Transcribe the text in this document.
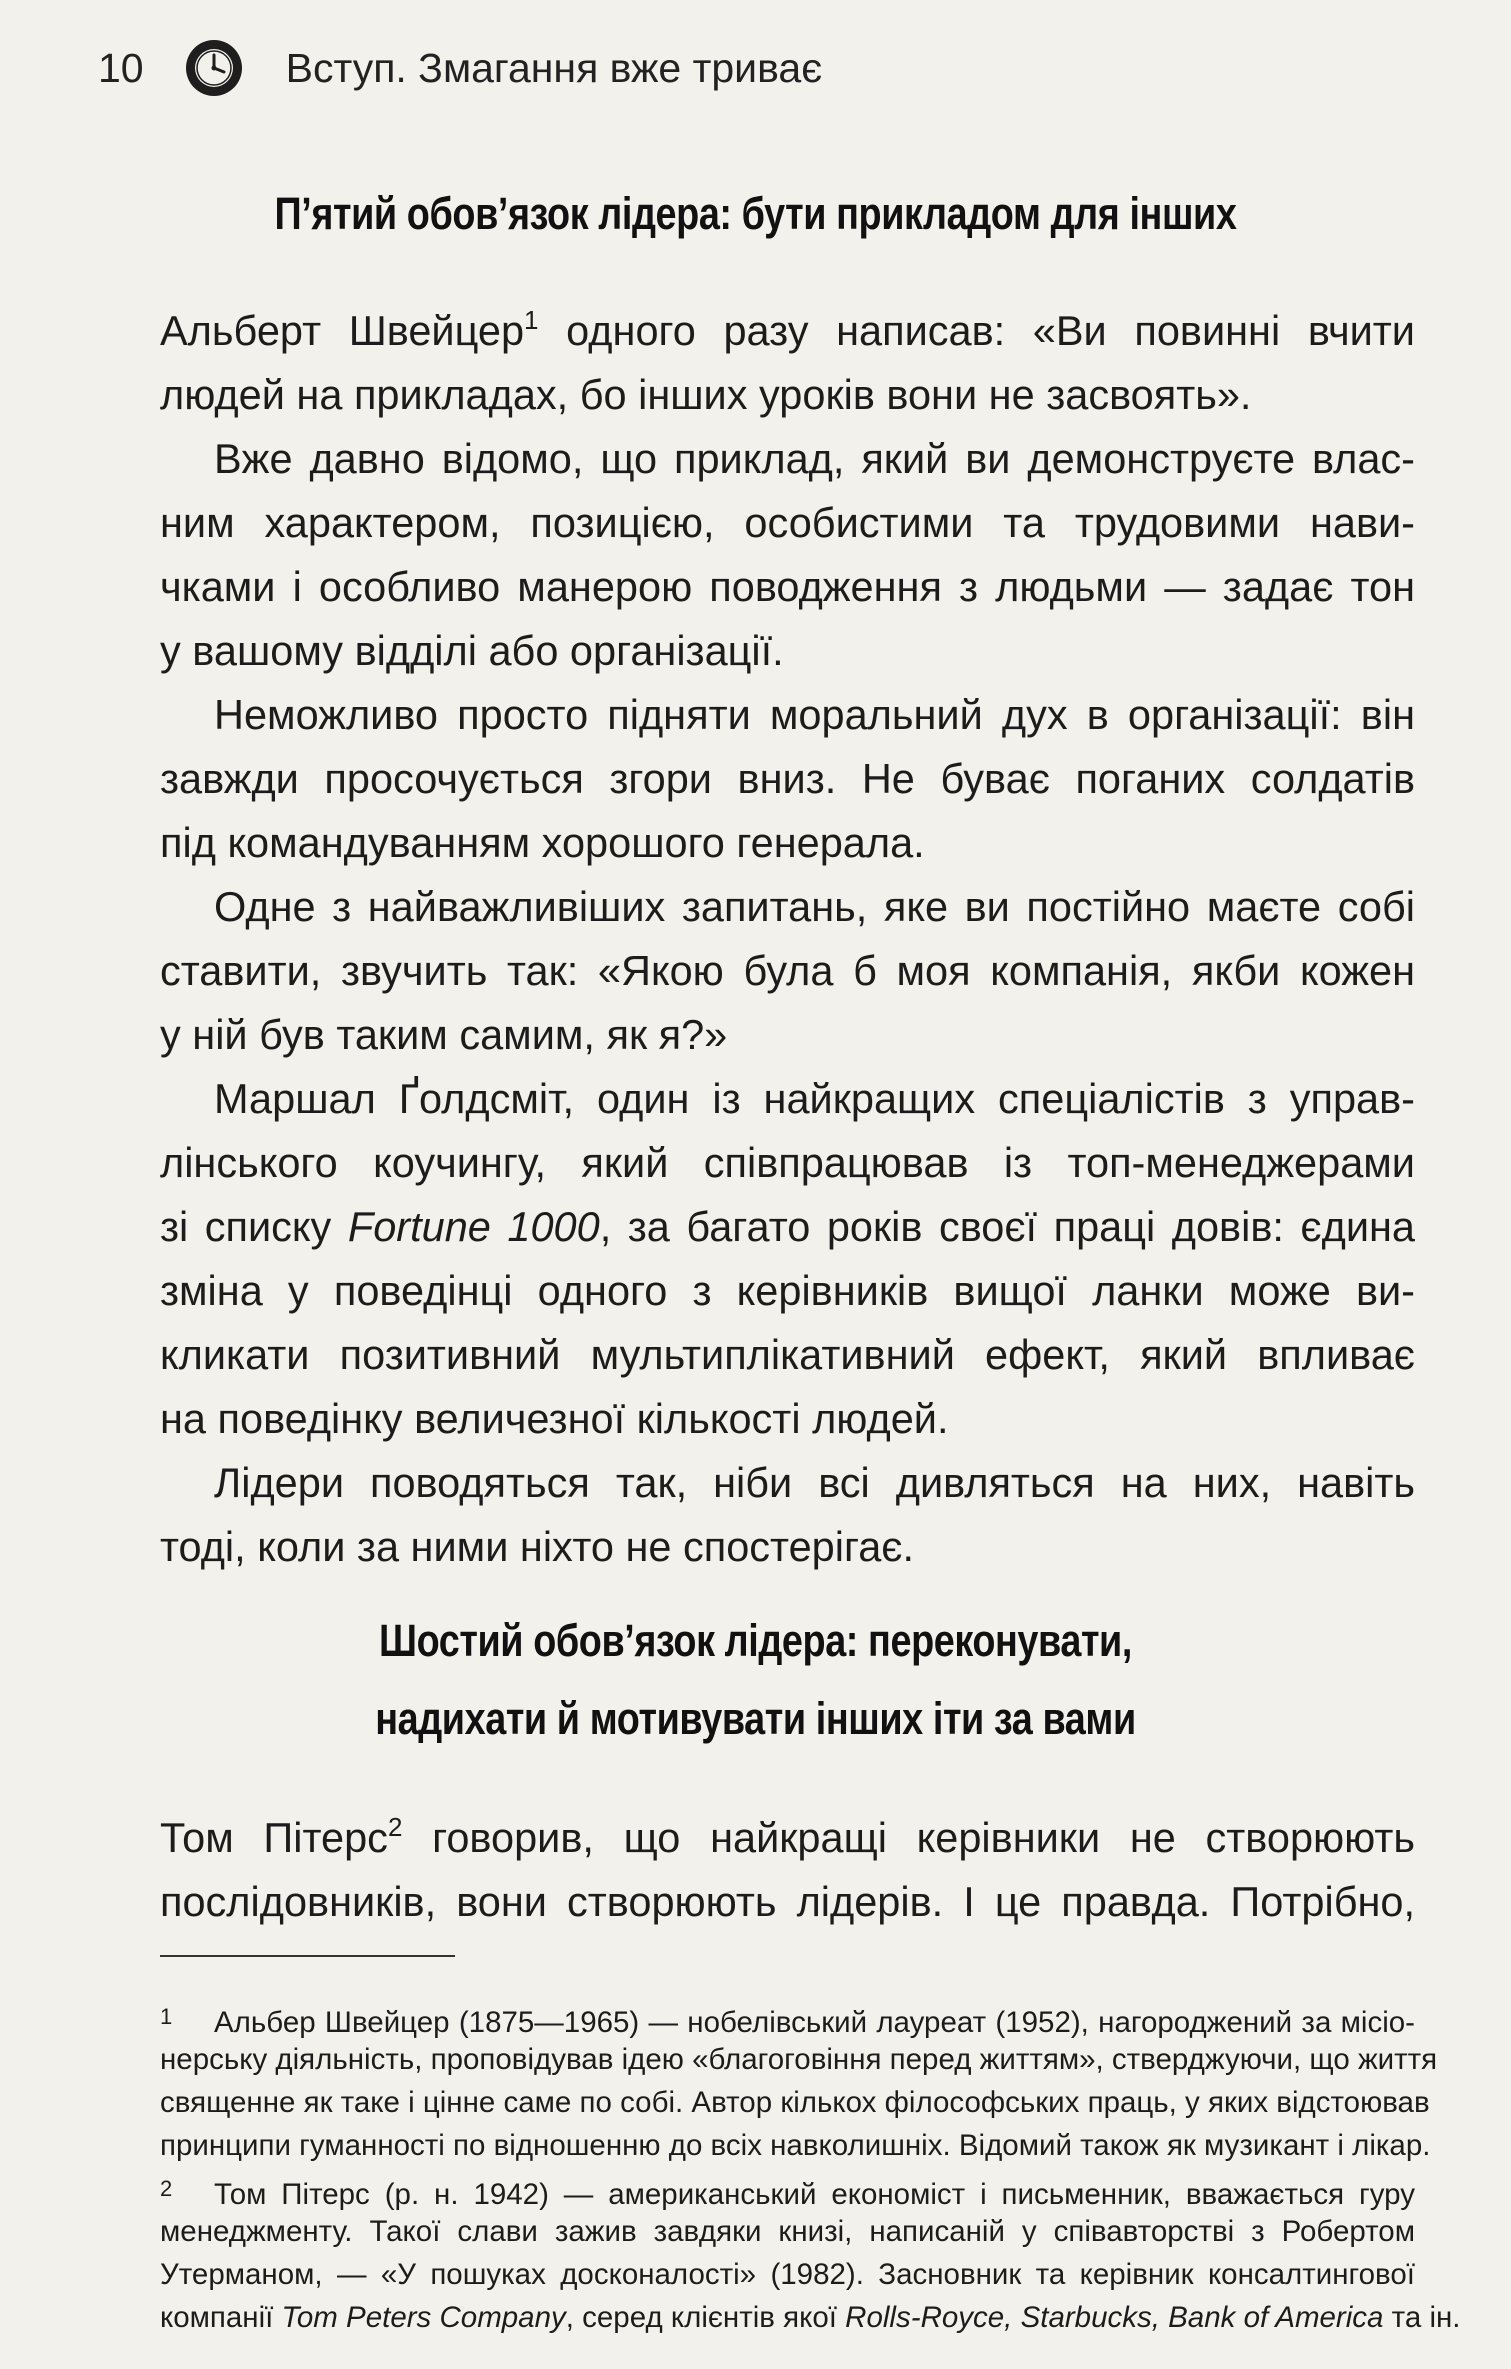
10	Вступ. Змагання вже триває
П’ятий обов’язок лідера: бути прикладом для інших
Альберт Швейцер$^1$ одного разу написав: «Ви повинні вчити
людей на прикладах, бо інших уроків вони не засвоять».
Вже давно відомо, що приклад, який ви демонструєте влас-
ним характером, позицією, особистими та трудовими нави-
чками і особливо манерою поводження з людьми — задає тон
у вашому відділі або організації.
Неможливо просто підняти моральний дух в організації: він
завжди просочується згори вниз. Не буває поганих солдатів
під командуванням хорошого генерала.
Одне з найважливіших запитань, яке ви постійно маєте собі
ставити, звучить так: «Якою була б моя компанія, якби кожен
у ній був таким самим, як я?»
Маршал Ґолдсміт, один із найкращих спеціалістів з управ-
лінського коучингу, який співпрацював із топ-менеджерами
зі списку Fortune 1000, за багато років своєї праці довів: єдина
зміна у поведінці одного з керівників вищої ланки може ви-
кликати позитивний мультиплікативний ефект, який впливає
на поведінку величезної кількості людей.
Лідери поводяться так, ніби всі дивляться на них, навіть
тоді, коли за ними ніхто не спостерігає.
Шостий обов’язок лідера: переконувати,
надихати й мотивувати інших іти за вами
Том Пітерс$^2$ говорив, що найкращі керівники не створюють
послідовників, вони створюють лідерів. І це правда. Потрібно,
1 Альбер Швейцер (1875—1965) — нобелівський лауреат (1952), нагороджений за місіо-
нерську діяльність, проповідував ідею «благоговіння перед життям», стверджуючи, що життя
священне як таке і цінне саме по собі. Автор кількох філософських праць, у яких відстоював
принципи гуманності по відношенню до всіх навколишніх. Відомий також як музикант і лікар.
2 Том Пітерс (р. н. 1942) — американський економіст і письменник, вважається гуру
менеджменту. Такої слави зажив завдяки книзі, написаній у співавторстві з Робертом
Утерманом, — «У пошуках досконалості» (1982). Засновник та керівник консалтингової
компанії Tom Peters Company, серед клієнтів якої Rolls-Royce, Starbucks, Bank of America та ін.
